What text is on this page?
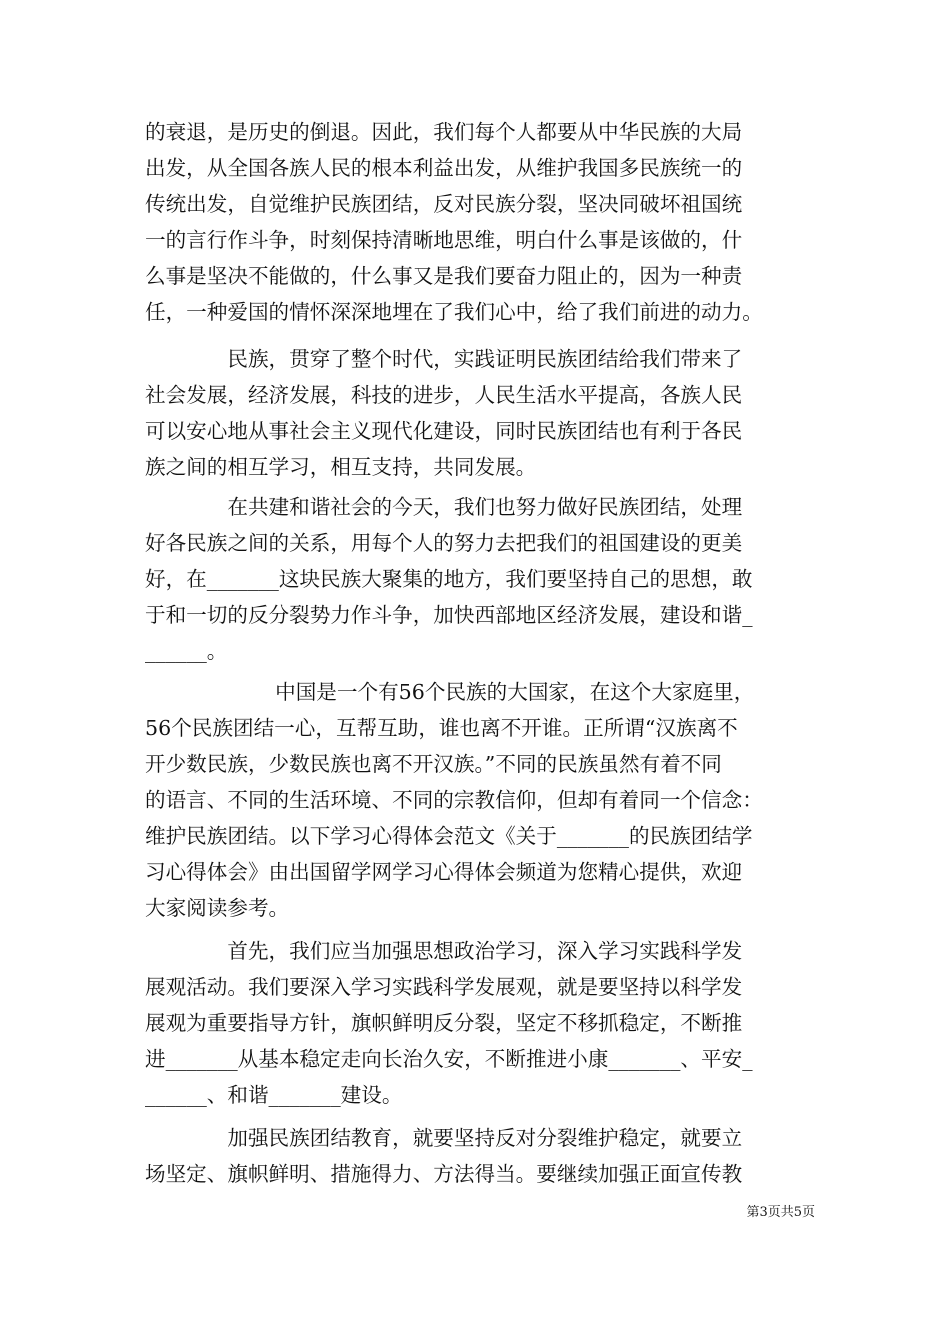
的衰退，是历史的倒退。因此，我们每个人都要从中华民族的大局
出发，从全国各族人民的根本利益出发，从维护我国多民族统一的
传统出发，自觉维护民族团结，反对民族分裂，坚决同破坏祖国统
一的言行作斗争，时刻保持清晰地思维，明白什么事是该做的，什
么事是坚决不能做的，什么事又是我们要奋力阻止的，因为一种责
任，一种爱国的情怀深深地埋在了我们心中，给了我们前进的动力。
　　　　民族，贯穿了整个时代，实践证明民族团结给我们带来了
社会发展，经济发展，科技的进步，人民生活水平提高，各族人民
可以安心地从事社会主义现代化建设，同时民族团结也有利于各民
族之间的相互学习，相互支持，共同发展。
　　　　在共建和谐社会的今天，我们也努力做好民族团结，处理
好各民族之间的关系，用每个人的努力去把我们的祖国建设的更美
好，在_______这块民族大聚集的地方，我们要坚持自己的思想，敢
于和一切的反分裂势力作斗争，加快西部地区经济发展，建设和谐_
______。
　　　　　　 中国是一个有56个民族的大国家，在这个大家庭里，
56个民族团结一心，互帮互助，谁也离不开谁。正所谓“汉族离不
开少数民族，少数民族也离不开汉族。”不同的民族虽然有着不同
的语言、不同的生活环境、不同的宗教信仰，但却有着同一个信念：
维护民族团结。以下学习心得体会范文《关于_______的民族团结学
习心得体会》由出国留学网学习心得体会频道为您精心提供，欢迎
大家阅读参考。
　　　　首先，我们应当加强思想政治学习，深入学习实践科学发
展观活动。我们要深入学习实践科学发展观，就是要坚持以科学发
展观为重要指导方针，旗帜鲜明反分裂，坚定不移抓稳定，不断推
进_______从基本稳定走向长治久安，不断推进小康_______、平安_
______、和谐_______建设。
　　　　加强民族团结教育，就要坚持反对分裂维护稳定，就要立
场坚定、旗帜鲜明、措施得力、方法得当。要继续加强正面宣传教
第3页共5页
